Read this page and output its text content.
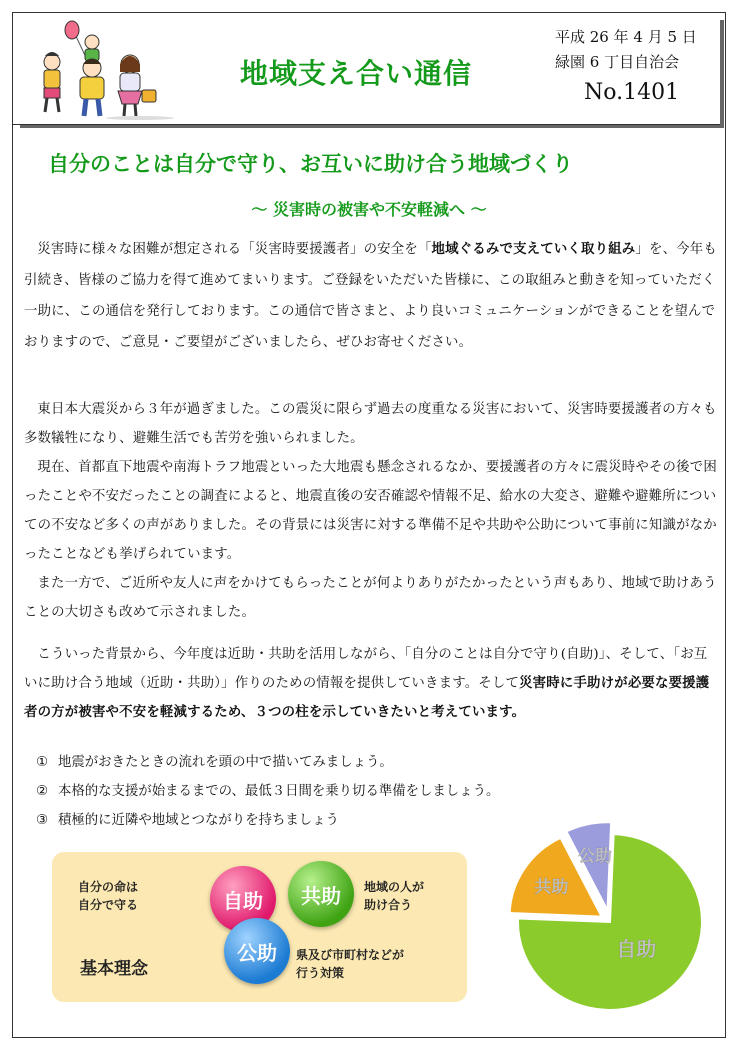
地域支え合い通信
平成 26 年 4 月 5 日
緑園 6 丁目自治会
No.1401
自分のことは自分で守り、お互いに助け合う地域づくり
～ 災害時の被害や不安軽減へ ～
災害時に様々な困難が想定される「災害時要援護者」の安全を「地域ぐるみで支えていく取り組み」を、今年も引続き、皆様のご協力を得て進めてまいります。ご登録をいただいた皆様に、この取組みと動きを知っていただく一助に、この通信を発行しております。この通信で皆さまと、より良いコミュニケーションができることを望んでおりますので、ご意見・ご要望がございましたら、ぜひお寄せください。
東日本大震災から３年が過ぎました。この震災に限らず過去の度重なる災害において、災害時要援護者の方々も多数犠牲になり、避難生活でも苦労を強いられました。
現在、首都直下地震や南海トラフ地震といった大地震も懸念されるなか、要援護者の方々に震災時やその後で困ったことや不安だったことの調査によると、地震直後の安否確認や情報不足、給水の大変さ、避難や避難所についての不安など多くの声がありました。その背景には災害に対する準備不足や共助や公助について事前に知識がなかったことなども挙げられています。
また一方で、ご近所や友人に声をかけてもらったことが何よりありがたかったという声もあり、地域で助けあうことの大切さも改めて示されました。
こういった背景から、今年度は近助・共助を活用しながら、「自分のことは自分で守り(自助)」、そして、「お互いに助け合う地域（近助・共助）」作りのための情報を提供していきます。そして災害時に手助けが必要な要援護者の方が被害や不安を軽減するため、３つの柱を示していきたいと考えています。
① 地震がおきたときの流れを頭の中で描いてみましょう。
② 本格的な支援が始まるまでの、最低３日間を乗り切る準備をしましょう。
③ 積極的に近隣や地域とつながりを持ちましょう
自分の命は
自分で守る	自助	共助	地域の人が
助け合う
公助	県及び市町村などが
行う対策
基本理念
自助
共助
公助
